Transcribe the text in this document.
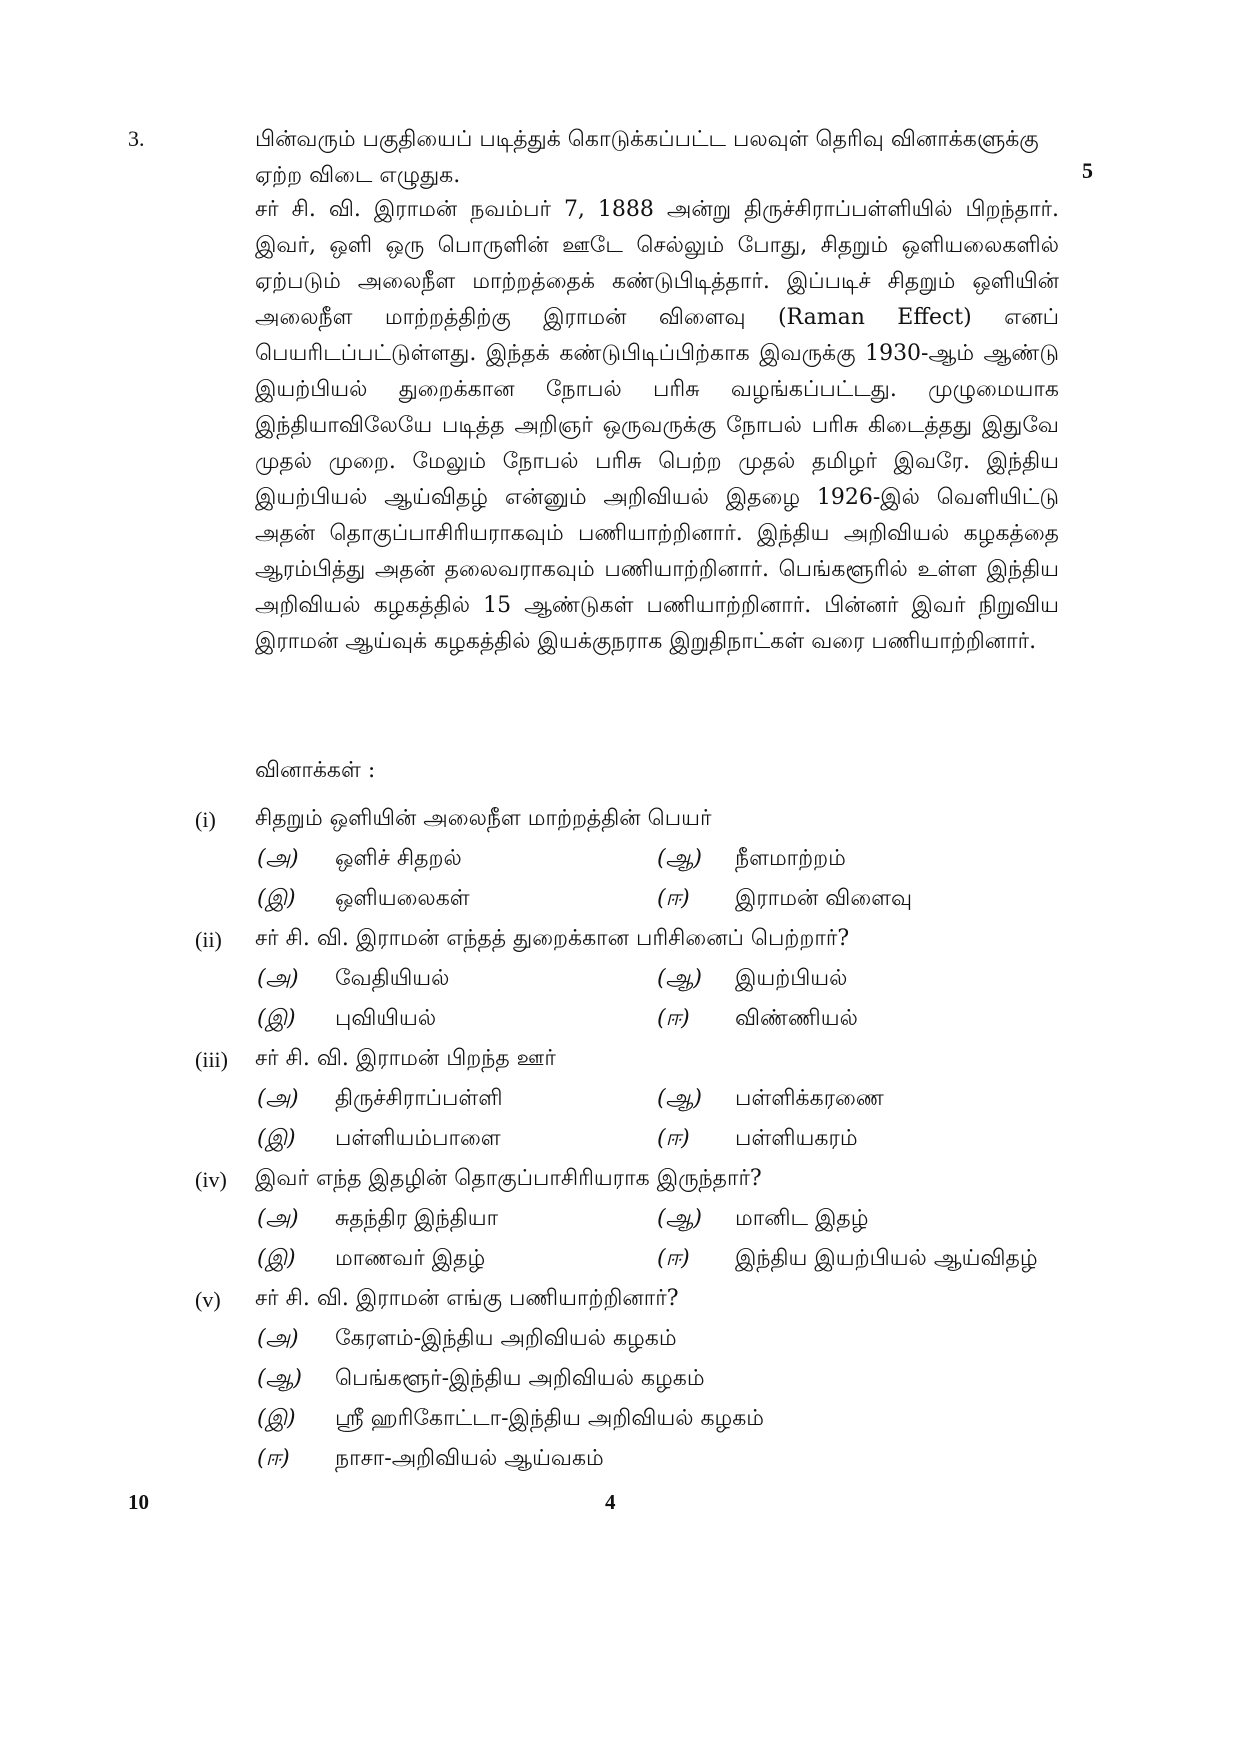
3.	பின்வரும் பகுதியைப் படித்துக் கொடுக்கப்பட்ட பலவுள் தெரிவு வினாக்களுக்கு ஏற்ற விடை எழுதுக.	5
சர் சி. வி. இராமன் நவம்பர் 7, 1888 அன்று திருச்சிராப்பள்ளியில் பிறந்தார். இவர், ஒளி ஒரு பொருளின் ஊடே செல்லும் போது, சிதறும் ஒளியலைகளில் ஏற்படும் அலைநீள மாற்றத்தைக் கண்டுபிடித்தார். இப்படிச் சிதறும் ஒளியின் அலைநீள மாற்றத்திற்கு இராமன் விளைவு (Raman Effect) எனப் பெயரிடப்பட்டுள்ளது. இந்தக் கண்டுபிடிப்பிற்காக இவருக்கு 1930-ஆம் ஆண்டு இயற்பியல் துறைக்கான நோபல் பரிசு வழங்கப்பட்டது. முழுமையாக இந்தியாவிலேயே படித்த அறிஞர் ஒருவருக்கு நோபல் பரிசு கிடைத்தது இதுவே முதல் முறை. மேலும் நோபல் பரிசு பெற்ற முதல் தமிழர் இவரே. இந்திய இயற்பியல் ஆய்விதழ் என்னும் அறிவியல் இதழை 1926-இல் வெளியிட்டு அதன் தொகுப்பாசிரியராகவும் பணியாற்றினார். இந்திய அறிவியல் கழகத்தை ஆரம்பித்து அதன் தலைவராகவும் பணியாற்றினார். பெங்களூரில் உள்ள இந்திய அறிவியல் கழகத்தில் 15 ஆண்டுகள் பணியாற்றினார். பின்னர் இவர் நிறுவிய இராமன் ஆய்வுக் கழகத்தில் இயக்குநராக இறுதிநாட்கள் வரை பணியாற்றினார்.
வினாக்கள் :
(i)	சிதறும் ஒளியின் அலைநீள மாற்றத்தின் பெயர்
(அ)	ஒளிச் சிதறல்	(ஆ)	நீளமாற்றம்
(இ)	ஒளியலைகள்	(ஈ)	இராமன் விளைவு
(ii)	சர் சி. வி. இராமன் எந்தத் துறைக்கான பரிசினைப் பெற்றார்?
(அ)	வேதியியல்	(ஆ)	இயற்பியல்
(இ)	புவியியல்	(ஈ)	விண்ணியல்
(iii)	சர் சி. வி. இராமன் பிறந்த ஊர்
(அ)	திருச்சிராப்பள்ளி	(ஆ)	பள்ளிக்கரணை
(இ)	பள்ளியம்பாளை	(ஈ)	பள்ளியகரம்
(iv)	இவர் எந்த இதழின் தொகுப்பாசிரியராக இருந்தார்?
(அ)	சுதந்திர இந்தியா	(ஆ)	மானிட இதழ்
(இ)	மாணவர் இதழ்	(ஈ)	இந்திய இயற்பியல் ஆய்விதழ்
(v)	சர் சி. வி. இராமன் எங்கு பணியாற்றினார்?
(அ)	கேரளம்-இந்திய அறிவியல் கழகம்
(ஆ)	பெங்களூர்-இந்திய அறிவியல் கழகம்
(இ)	ஸ்ரீ ஹரிகோட்டா-இந்திய அறிவியல் கழகம்
(ஈ)	நாசா-அறிவியல் ஆய்வகம்
10	4
